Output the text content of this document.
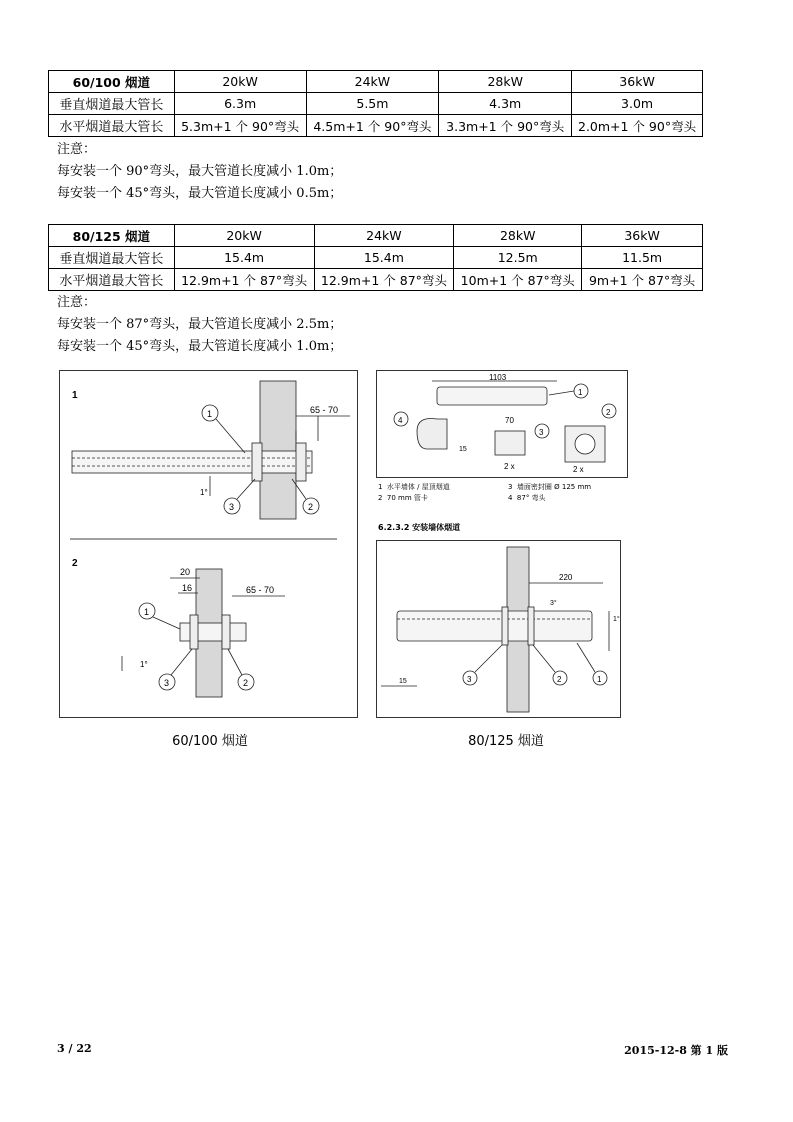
60/100 烟道	20kW	24kW	28kW	36kW
垂直烟道最大管长	6.3m	5.5m	4.3m	3.0m
水平烟道最大管长	5.3m+1 个 90°弯头	4.5m+1 个 90°弯头	3.3m+1 个 90°弯头	2.0m+1 个 90°弯头
注意：
每安装一个 90°弯头，最大管道长度减小 1.0m；
每安装一个 45°弯头，最大管道长度减小 0.5m；
80/125 烟道	20kW	24kW	28kW	36kW
垂直烟道最大管长	15.4m	15.4m	12.5m	11.5m
水平烟道最大管长	12.9m+1 个 87°弯头	12.9m+1 个 87°弯头	10m+1 个 87°弯头	9m+1 个 87°弯头
注意：
每安装一个 87°弯头，最大管道长度减小 2.5m；
每安装一个 45°弯头，最大管道长度减小 1.0m；
1
65 - 70
1°
1
2
3
2
20
16	65 - 70
1°
1
2
3
1103
1
4
15
70
3
2 x
2
2 x
1 水平墙体 / 屋顶烟道
2 70 mm 管卡
3 墙面密封圈 Ø 125 mm
4 87° 弯头
6.2.3.2 安装墙体烟道
220
3°
1°
15	1
2
3
60/100 烟道	80/125 烟道
3 / 22	2015-12-8 第 1 版
